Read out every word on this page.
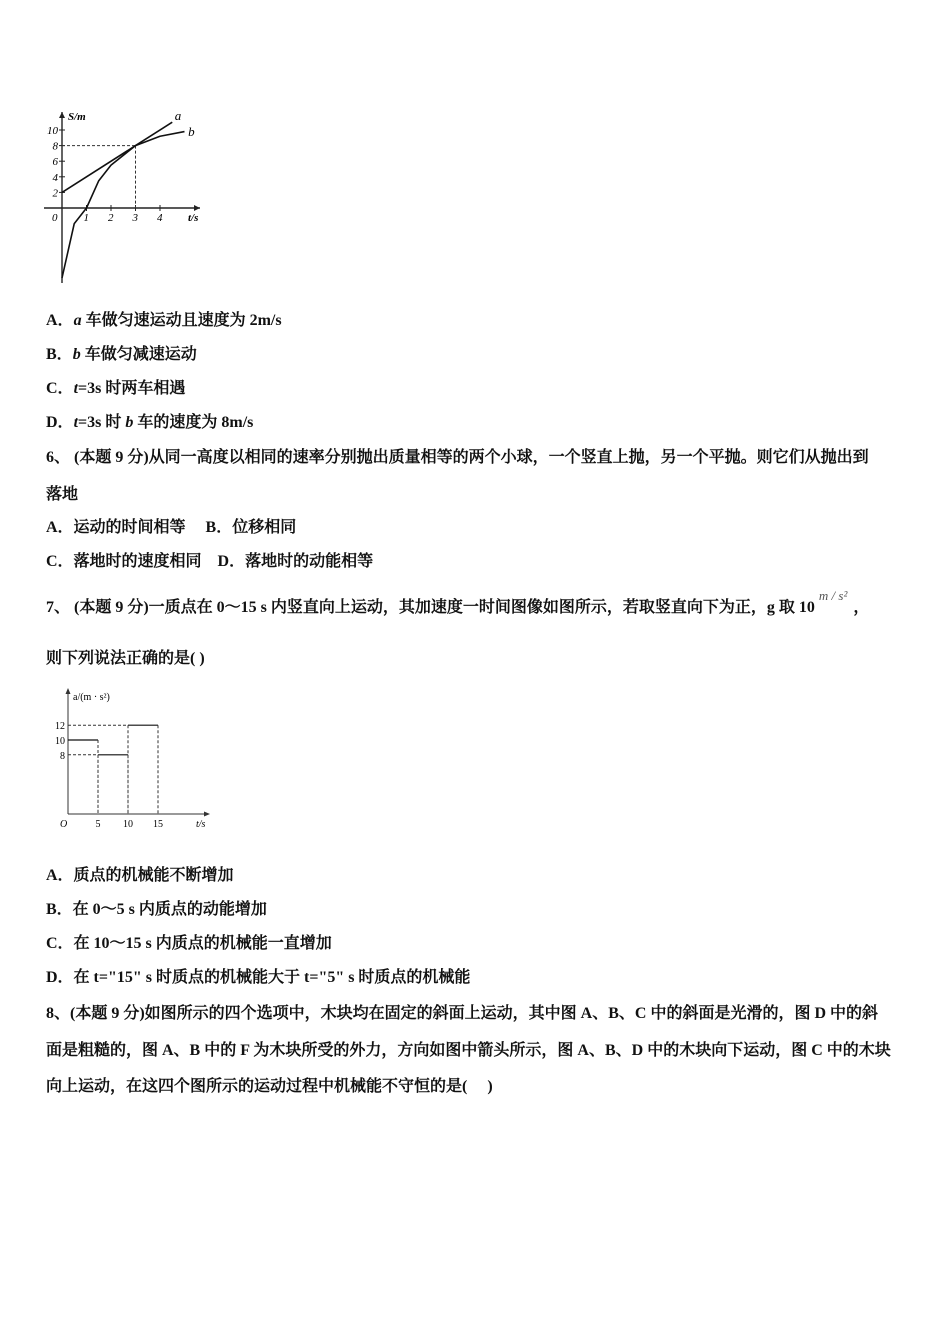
S/m
t/s
10
8
6
4
2
0 1 2 3 4
a
b
A．a 车做匀速运动且速度为 2m/s
B．b 车做匀减速运动
C．t=3s 时两车相遇
D．t=3s 时 b 车的速度为 8m/s
6、 (本题 9 分)从同一高度以相同的速率分别抛出质量相等的两个小球，一个竖直上抛，另一个平抛。则它们从抛出到
落地
A．运动的时间相等　 B．位移相同
C．落地时的速度相同　D．落地时的动能相等
7、 (本题 9 分)一质点在 0～15 s 内竖直向上运动，其加速度一时间图像如图所示，若取竖直向下为正，g 取 $10^{m / s^2}$，
则下列说法正确的是( )
a/(m · s²)
t/s
O
12
10
8
5 10 15
A．质点的机械能不断增加
B．在 0～5 s 内质点的动能增加
C．在 10～15 s 内质点的机械能一直增加
D．在 t="15" s 时质点的机械能大于 t="5" s 时质点的机械能
8、(本题 9 分)如图所示的四个选项中，木块均在固定的斜面上运动，其中图 A、B、C 中的斜面是光滑的，图 D 中的斜
面是粗糙的，图 A、B 中的 F 为木块所受的外力，方向如图中箭头所示，图 A、B、D 中的木块向下运动，图 C 中的木块
向上运动，在这四个图所示的运动过程中机械能不守恒的是(　 )
